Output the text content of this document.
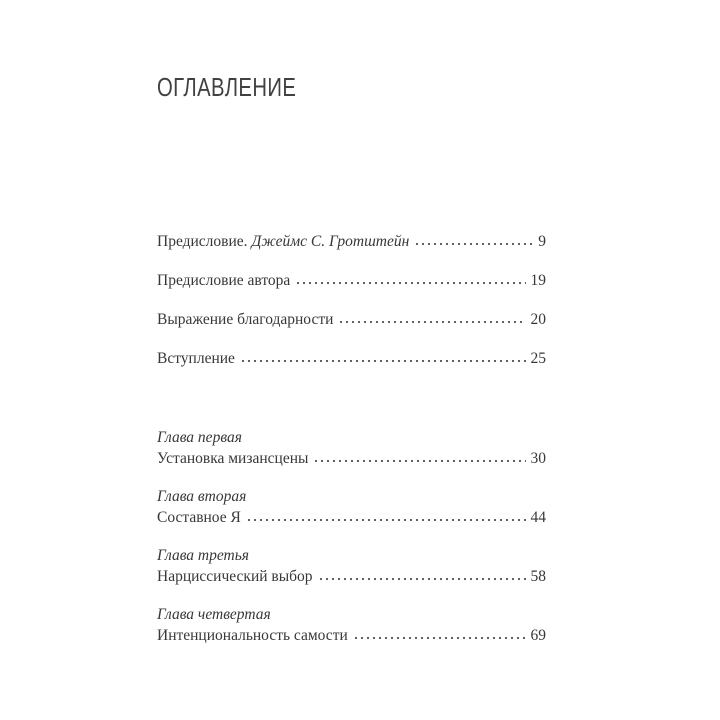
ОГЛАВЛЕНИЕ
Предисловие. Джеймс С. Гротштейн	9
Предисловие автора	19
Выражение благодарности	20
Вступление	25
Глава первая
Установка мизансцены	30
Глава вторая
Составное Я	44
Глава третья
Нарциссический выбор	58
Глава четвертая
Интенциональность самости	69
